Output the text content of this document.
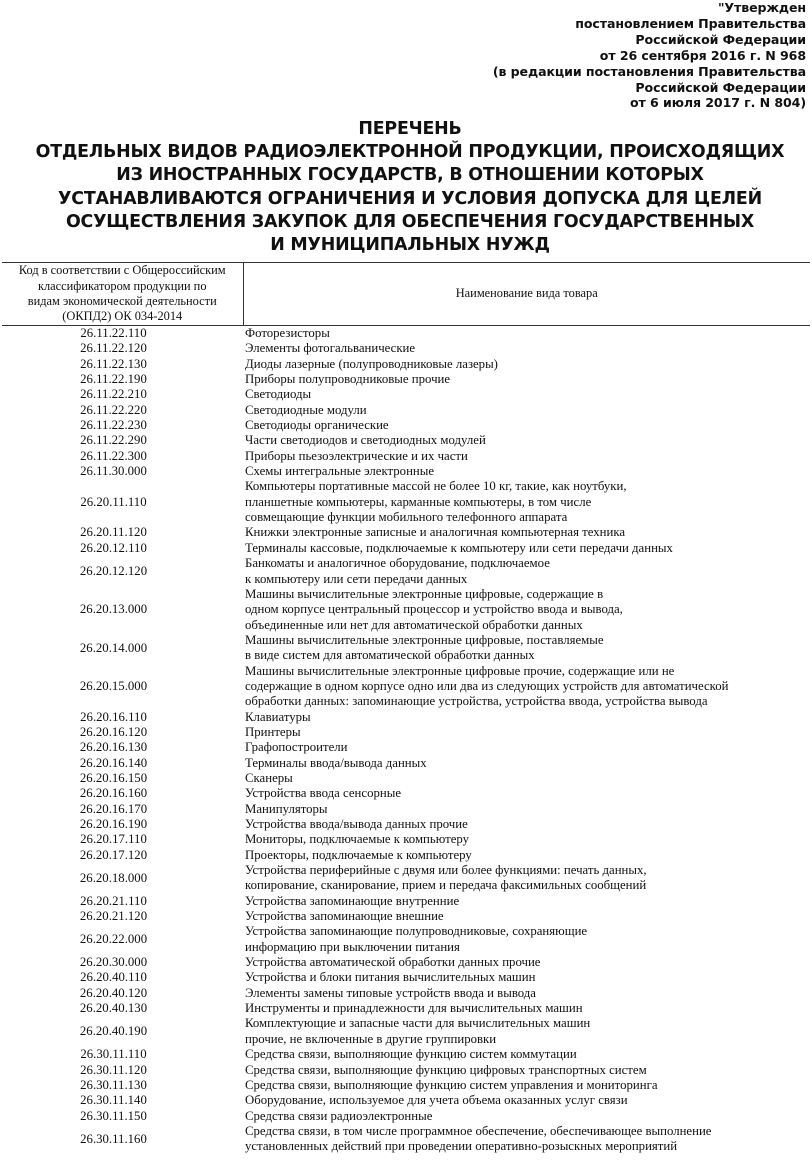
"Утвержден
постановлением Правительства
Российской Федерации
от 26 сентября 2016 г. N 968
(в редакции постановления Правительства
Российской Федерации
от 6 июля 2017 г. N 804)
ПЕРЕЧЕНЬ
ОТДЕЛЬНЫХ ВИДОВ РАДИОЭЛЕКТРОННОЙ ПРОДУКЦИИ, ПРОИСХОДЯЩИХ
ИЗ ИНОСТРАННЫХ ГОСУДАРСТВ, В ОТНОШЕНИИ КОТОРЫХ
УСТАНАВЛИВАЮТСЯ ОГРАНИЧЕНИЯ И УСЛОВИЯ ДОПУСКА ДЛЯ ЦЕЛЕЙ
ОСУЩЕСТВЛЕНИЯ ЗАКУПОК ДЛЯ ОБЕСПЕЧЕНИЯ ГОСУДАРСТВЕННЫХ
И МУНИЦИПАЛЬНЫХ НУЖД
Код в соответствии с Общероссийским
классификатором продукции по
видам экономической деятельности
(ОКПД2) ОК 034-2014	Наименование вида товара
26.11.22.110	Фоторезисторы

26.11.22.120	Элементы фотогальванические

26.11.22.130	Диоды лазерные (полупроводниковые лазеры)

26.11.22.190	Приборы полупроводниковые прочие

26.11.22.210	Светодиоды

26.11.22.220	Светодиодные модули

26.11.22.230	Светодиоды органические

26.11.22.290	Части светодиодов и светодиодных модулей

26.11.22.300	Приборы пьезоэлектрические и их части

26.11.30.000	Схемы интегральные электронные

26.20.11.110	Компьютеры портативные массой не более 10 кг, такие, как ноутбуки,
планшетные компьютеры, карманные компьютеры, в том числе
совмещающие функции мобильного телефонного аппарата

26.20.11.120	Книжки электронные записные и аналогичная компьютерная техника

26.20.12.110	Терминалы кассовые, подключаемые к компьютеру или сети передачи данных

26.20.12.120	Банкоматы и аналогичное оборудование, подключаемое
к компьютеру или сети передачи данных

26.20.13.000	Машины вычислительные электронные цифровые, содержащие в
одном корпусе центральный процессор и устройство ввода и вывода,
объединенные или нет для автоматической обработки данных

26.20.14.000	Машины вычислительные электронные цифровые, поставляемые
в виде систем для автоматической обработки данных

26.20.15.000	Машины вычислительные электронные цифровые прочие, содержащие или не
содержащие в одном корпусе одно или два из следующих устройств для автоматической
обработки данных: запоминающие устройства, устройства ввода, устройства вывода

26.20.16.110	Клавиатуры

26.20.16.120	Принтеры

26.20.16.130	Графопостроители

26.20.16.140	Терминалы ввода/вывода данных

26.20.16.150	Сканеры

26.20.16.160	Устройства ввода сенсорные

26.20.16.170	Манипуляторы

26.20.16.190	Устройства ввода/вывода данных прочие

26.20.17.110	Мониторы, подключаемые к компьютеру

26.20.17.120	Проекторы, подключаемые к компьютеру

26.20.18.000	Устройства периферийные с двумя или более функциями: печать данных,
копирование, сканирование, прием и передача факсимильных сообщений

26.20.21.110	Устройства запоминающие внутренние

26.20.21.120	Устройства запоминающие внешние

26.20.22.000	Устройства запоминающие полупроводниковые, сохраняющие
информацию при выключении питания

26.20.30.000	Устройства автоматической обработки данных прочие

26.20.40.110	Устройства и блоки питания вычислительных машин

26.20.40.120	Элементы замены типовые устройств ввода и вывода

26.20.40.130	Инструменты и принадлежности для вычислительных машин

26.20.40.190	Комплектующие и запасные части для вычислительных машин
прочие, не включенные в другие группировки

26.30.11.110	Средства связи, выполняющие функцию систем коммутации

26.30.11.120	Средства связи, выполняющие функцию цифровых транспортных систем

26.30.11.130	Средства связи, выполняющие функцию систем управления и мониторинга

26.30.11.140	Оборудование, используемое для учета объема оказанных услуг связи

26.30.11.150	Средства связи радиоэлектронные

26.30.11.160	Средства связи, в том числе программное обеспечение, обеспечивающее выполнение
установленных действий при проведении оперативно-розыскных мероприятий
